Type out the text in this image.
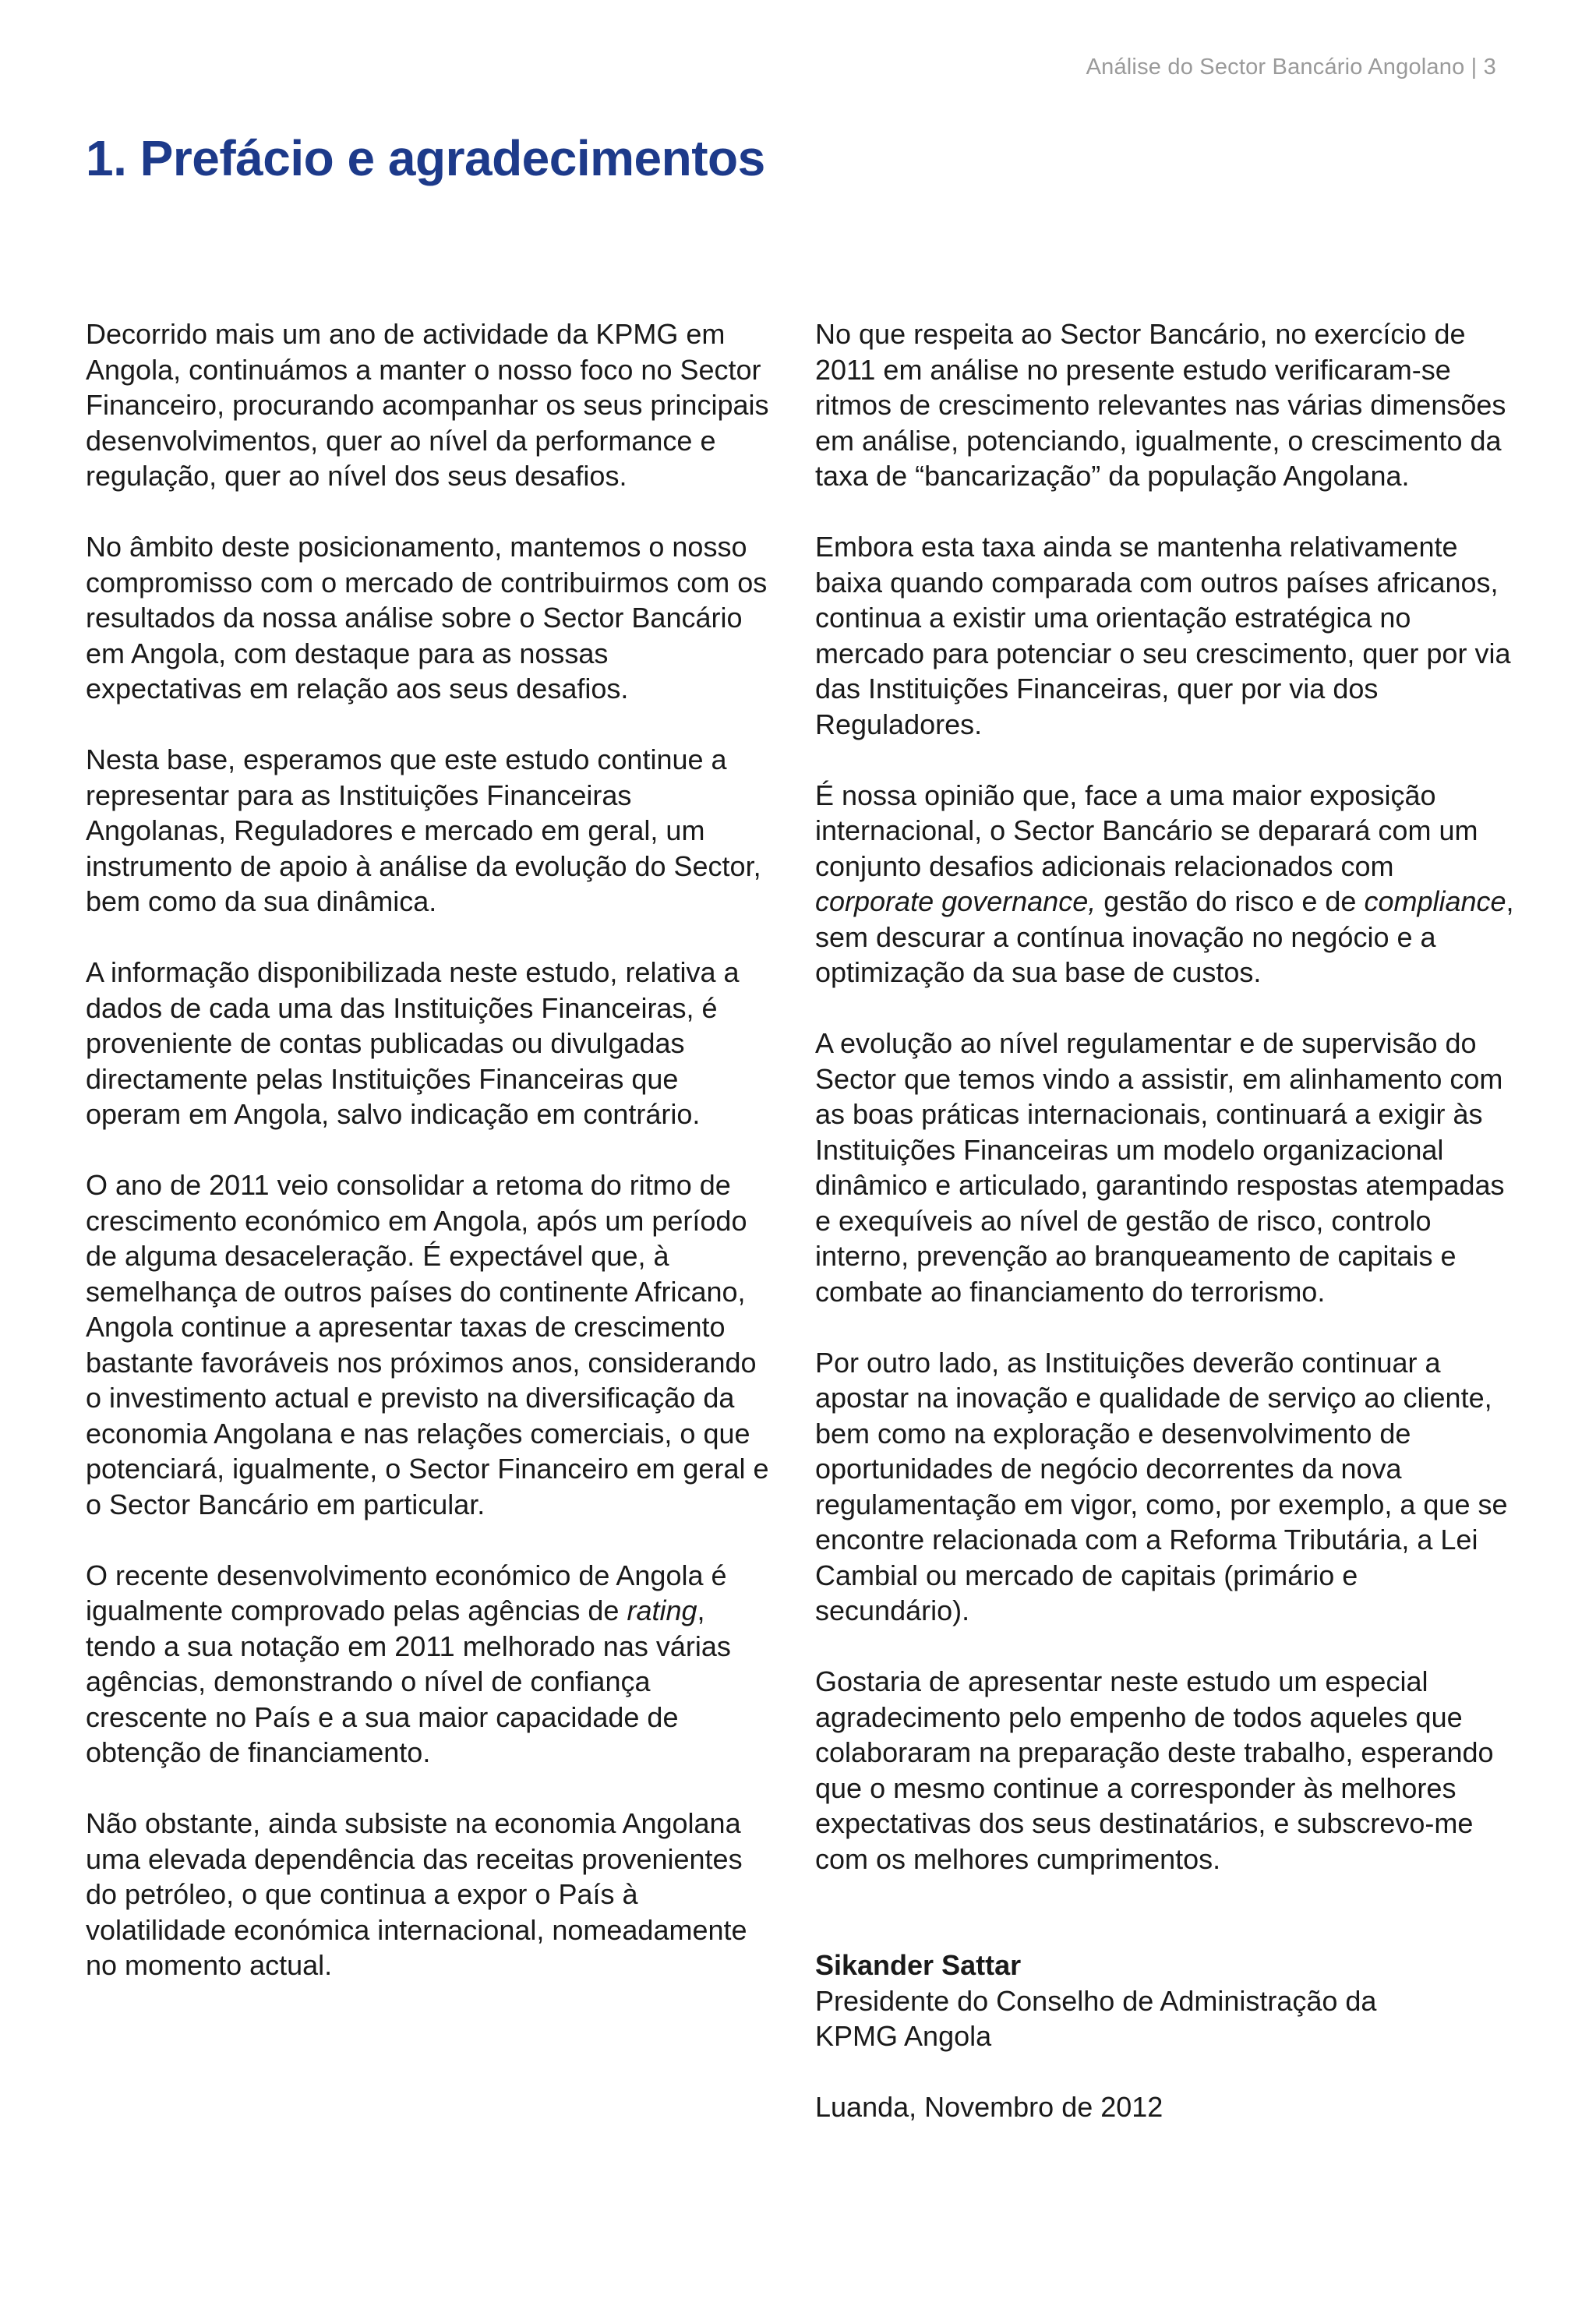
Análise do Sector Bancário Angolano | 3
1. Prefácio e agradecimentos

Decorrido mais um ano de actividade da KPMG em Angola, continuámos a manter o nosso foco no Sector Financeiro, procurando acompanhar os seus principais desenvolvimentos, quer ao nível da performance e regulação, quer ao nível dos seus desafios.

No âmbito deste posicionamento, mantemos o nosso compromisso com o mercado de contribuirmos com os resultados da nossa análise sobre o Sector Bancário em Angola, com destaque para as nossas expectativas em relação aos seus desafios.

Nesta base, esperamos que este estudo continue a representar para as Instituições Financeiras Angolanas, Reguladores e mercado em geral, um instrumento de apoio à análise da evolução do Sector, bem como da sua dinâmica.

A informação disponibilizada neste estudo, relativa a dados de cada uma das Instituições Financeiras, é proveniente de contas publicadas ou divulgadas directamente pelas Instituições Financeiras que operam em Angola, salvo indicação em contrário.

O ano de 2011 veio consolidar a retoma do ritmo de crescimento económico em Angola, após um período de alguma desaceleração. É expectável que, à semelhança de outros países do continente Africano, Angola continue a apresentar taxas de crescimento bastante favoráveis nos próximos anos, considerando o investimento actual e previsto na diversificação da economia Angolana e nas relações comerciais, o que potenciará, igualmente, o Sector Financeiro em geral e o Sector Bancário em particular.

O recente desenvolvimento económico de Angola é igualmente comprovado pelas agências de rating, tendo a sua notação em 2011 melhorado nas várias agências, demonstrando o nível de confiança crescente no País e a sua maior capacidade de obtenção de financiamento.

Não obstante, ainda subsiste na economia Angolana uma elevada dependência das receitas provenientes do petróleo, o que continua a expor o País à volatilidade económica internacional, nomeadamente no momento actual.

No que respeita ao Sector Bancário, no exercício de 2011 em análise no presente estudo verificaram-se ritmos de crescimento relevantes nas várias dimensões em análise, potenciando, igualmente, o crescimento da taxa de “bancarização” da população Angolana.

Embora esta taxa ainda se mantenha relativamente baixa quando comparada com outros países africanos, continua a existir uma orientação estratégica no mercado para potenciar o seu crescimento, quer por via das Instituições Financeiras, quer por via dos Reguladores.

É nossa opinião que, face a uma maior exposição internacional, o Sector Bancário se deparará com um conjunto desafios adicionais relacionados com corporate governance, gestão do risco e de compliance, sem descurar a contínua inovação no negócio e a optimização da sua base de custos.

A evolução ao nível regulamentar e de supervisão do Sector que temos vindo a assistir, em alinhamento com as boas práticas internacionais, continuará a exigir às Instituições Financeiras um modelo organizacional dinâmico e articulado, garantindo respostas atempadas e exequíveis ao nível de gestão de risco, controlo interno, prevenção ao branqueamento de capitais e combate ao financiamento do terrorismo.

Por outro lado, as Instituições deverão continuar a apostar na inovação e qualidade de serviço ao cliente, bem como na exploração e desenvolvimento de oportunidades de negócio decorrentes da nova regulamentação em vigor, como, por exemplo, a que se encontre relacionada com a Reforma Tributária, a Lei Cambial ou mercado de capitais (primário e secundário).

Gostaria de apresentar neste estudo um especial agradecimento pelo empenho de todos aqueles que colaboraram na preparação deste trabalho, esperando que o mesmo continue a corresponder às melhores expectativas dos seus destinatários, e subscrevo-me com os melhores cumprimentos.

Sikander Sattar

Presidente do Conselho de Administração da

KPMG Angola

Luanda, Novembro de 2012
